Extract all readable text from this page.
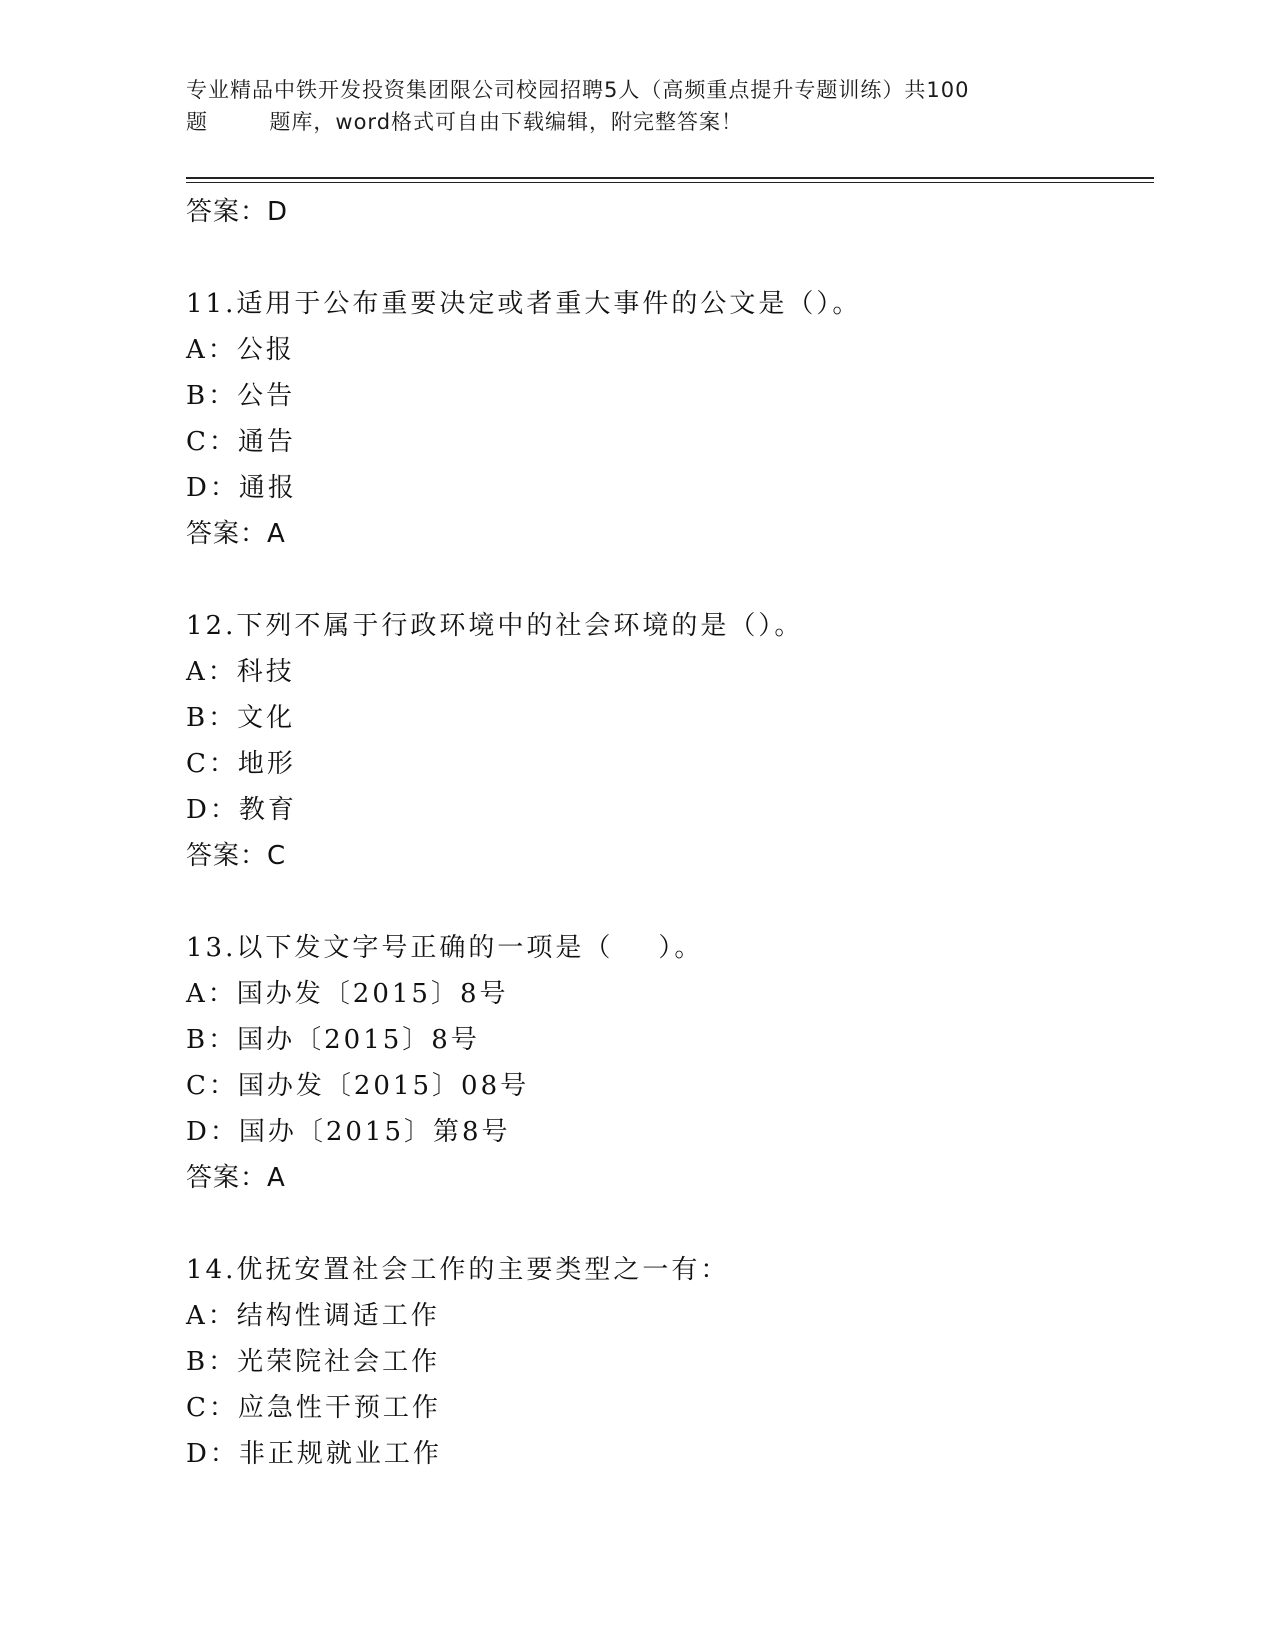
专业精品中铁开发投资集团限公司校园招聘5人（高频重点提升专题训练）共100
题        题库，word格式可自由下载编辑，附完整答案！
答案：D
11.适用于公布重要决定或者重大事件的公文是（）。
A：公报
B：公告
C：通告
D：通报
答案：A
12.下列不属于行政环境中的社会环境的是（）。
A：科技
B：文化
C：地形
D：教育
答案：C
13.以下发文字号正确的一项是（    ）。
A：国办发〔2015〕8号
B：国办〔2015〕8号
C：国办发〔2015〕08号
D：国办〔2015〕第8号
答案：A
14.优抚安置社会工作的主要类型之一有：
A：结构性调适工作
B：光荣院社会工作
C：应急性干预工作
D：非正规就业工作
